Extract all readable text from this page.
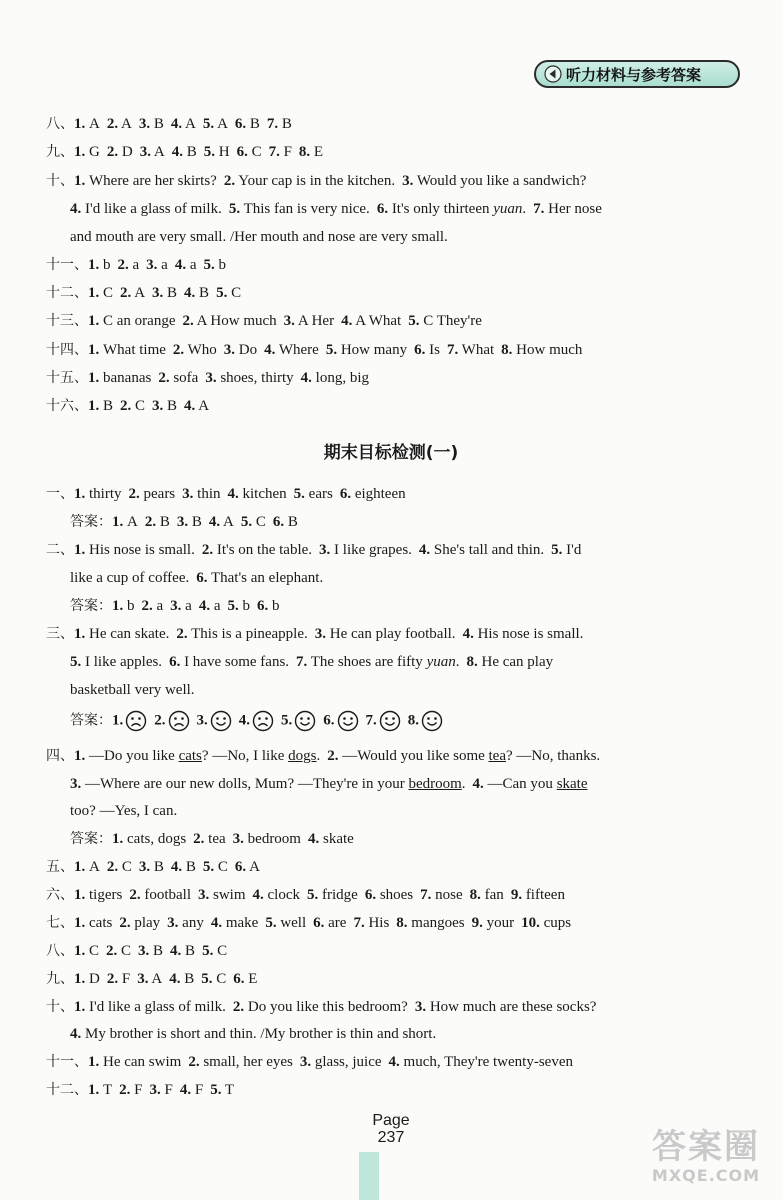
听力材料与参考答案
八、1. A 2. A 3. B 4. A 5. A 6. B 7. B
九、1. G 2. D 3. A 4. B 5. H 6. C 7. F 8. E
十、1. Where are her skirts? 2. Your cap is in the kitchen. 3. Would you like a sandwich?
4. I'd like a glass of milk. 5. This fan is very nice. 6. It's only thirteen yuan. 7. Her nose
and mouth are very small. /Her mouth and nose are very small.
十一、1. b 2. a 3. a 4. a 5. b
十二、1. C 2. A 3. B 4. B 5. C
十三、1. C an orange 2. A How much 3. A Her 4. A What 5. C They're
十四、1. What time 2. Who 3. Do 4. Where 5. How many 6. Is 7. What 8. How much
十五、1. bananas 2. sofa 3. shoes, thirty 4. long, big
十六、1. B 2. C 3. B 4. A
一、1. thirty 2. pears 3. thin 4. kitchen 5. ears 6. eighteen
答案：1. A 2. B 3. B 4. A 5. C 6. B
二、1. His nose is small. 2. It's on the table. 3. I like grapes. 4. She's tall and thin. 5. I'd
like a cup of coffee. 6. That's an elephant.
答案：1. b 2. a 3. a 4. a 5. b 6. b
三、1. He can skate. 2. This is a pineapple. 3. He can play football. 4. His nose is small.
5. I like apples. 6. I have some fans. 7. The shoes are fifty yuan. 8. He can play
basketball very well.
答案：1. 2. 3. 4. 5. 6. 7. 8.
四、1. —Do you like cats? —No, I like dogs. 2. —Would you like some tea? —No, thanks.
3. —Where are our new dolls, Mum? —They're in your bedroom. 4. —Can you skate
too? —Yes, I can.
答案：1. cats, dogs 2. tea 3. bedroom 4. skate
五、1. A 2. C 3. B 4. B 5. C 6. A
六、1. tigers 2. football 3. swim 4. clock 5. fridge 6. shoes 7. nose 8. fan 9. fifteen
七、1. cats 2. play 3. any 4. make 5. well 6. are 7. His 8. mangoes 9. your 10. cups
八、1. C 2. C 3. B 4. B 5. C
九、1. D 2. F 3. A 4. B 5. C 6. E
十、1. I'd like a glass of milk. 2. Do you like this bedroom? 3. How much are these socks?
4. My brother is short and thin. /My brother is thin and short.
十一、1. He can swim 2. small, her eyes 3. glass, juice 4. much, They're twenty-seven
十二、1. T 2. F 3. F 4. F 5. T
期末目标检测(一)
Page
237	答案圈
MXQE.COM
